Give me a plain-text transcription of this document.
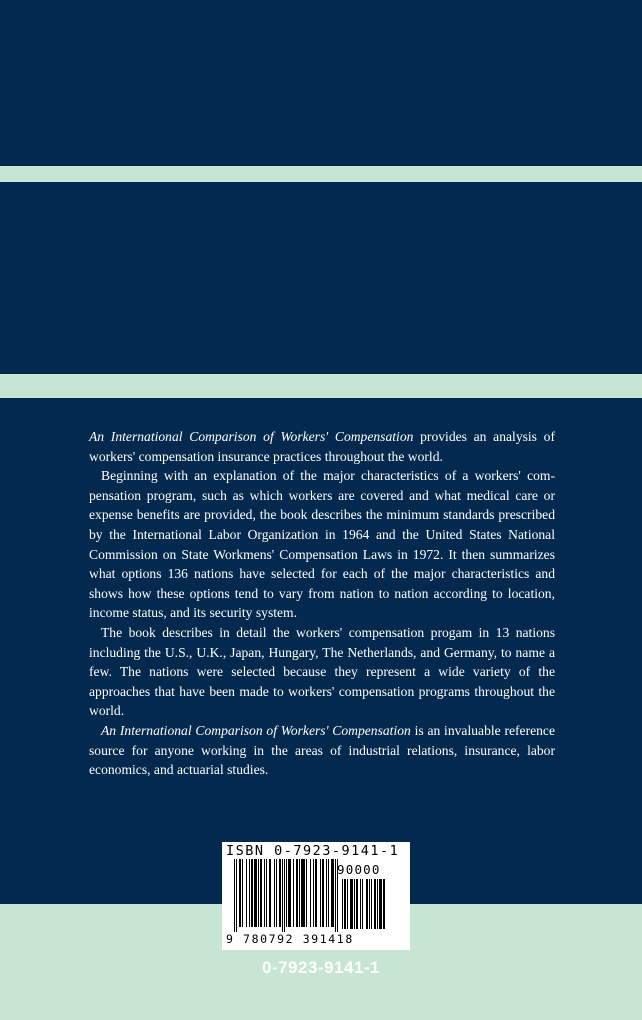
An International Comparison of Workers' Compensation provides an analysis of workers' compensation insurance practices throughout the world.

Beginning with an explanation of the major characteristics of a workers' compensation program, such as which workers are covered and what medical care or expense benefits are provided, the book describes the minimum standards prescribed by the International Labor Organization in 1964 and the United States National Commission on State Workmens' Compensation Laws in 1972. It then summarizes what options 136 nations have selected for each of the major characteristics and shows how these options tend to vary from nation to nation according to location, income status, and its security system.

The book describes in detail the workers' compensation progam in 13 nations including the U.S., U.K., Japan, Hungary, The Netherlands, and Germany, to name a few. The nations were selected because they represent a wide variety of the approaches that have been made to workers' compensation programs throughout the world.

An International Comparison of Workers' Compensation is an invaluable reference source for anyone working in the areas of industrial relations, insurance, labor economics, and actuarial studies.

ISBN 0-7923-9141-1
90000
9 780792 391418
0-7923-9141-1
